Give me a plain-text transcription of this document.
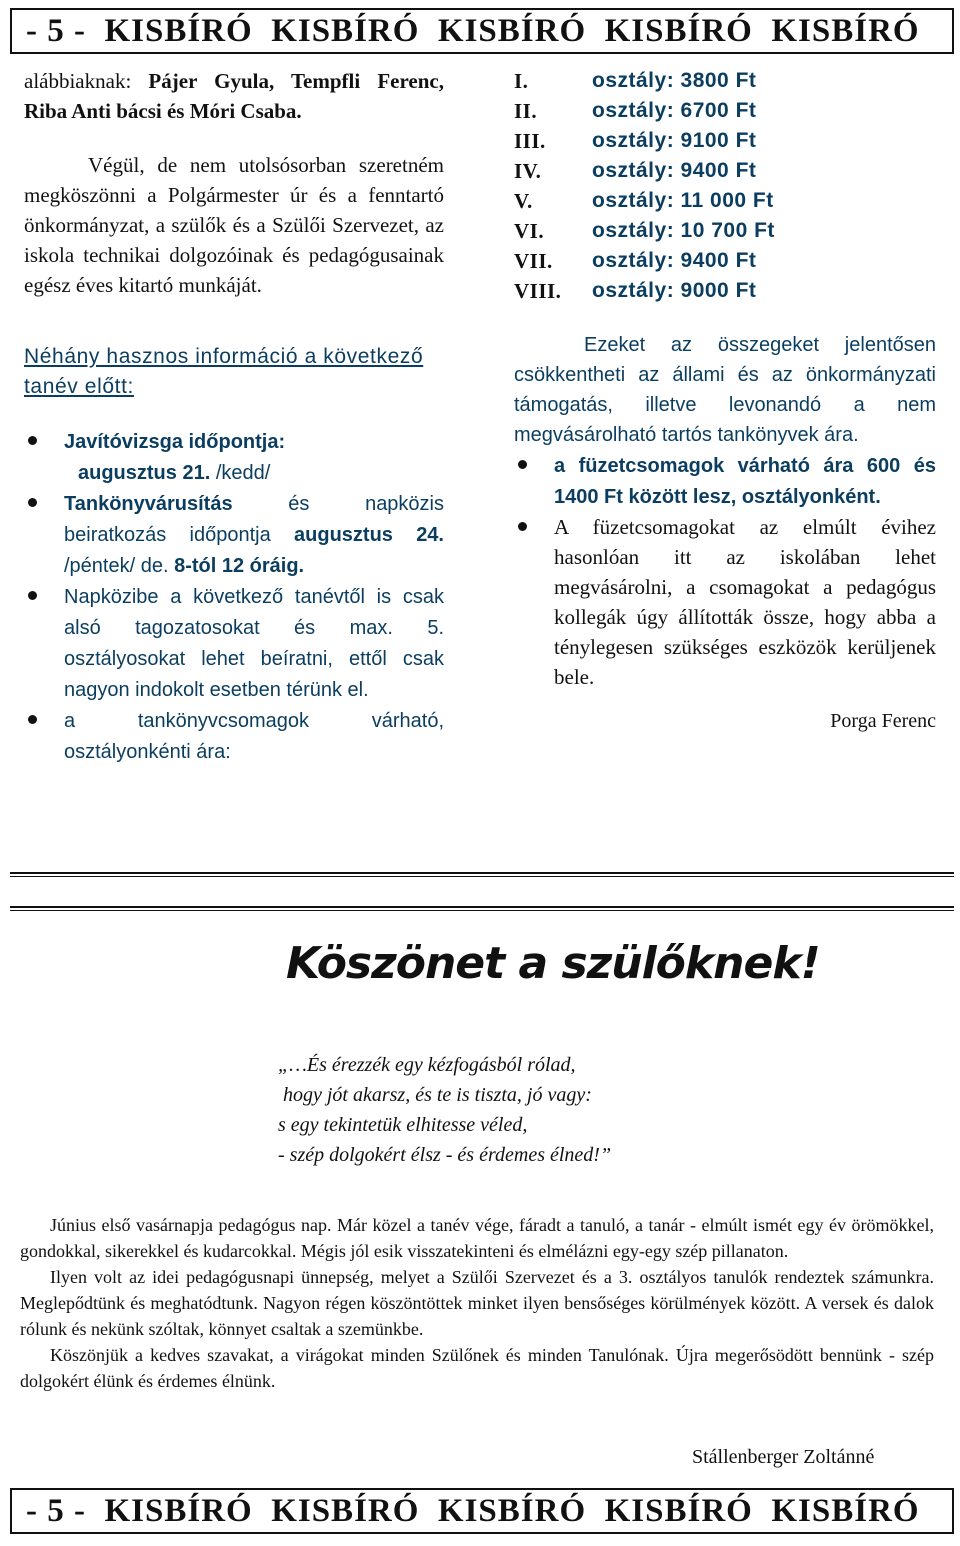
- 5 -  KISBÍRÓ  KISBÍRÓ  KISBÍRÓ  KISBÍRÓ  KISBÍRÓ

alábbiaknak: Pájer Gyula, Tempfli Ferenc, Riba Anti bácsi és Móri Csaba.

Végül, de nem utolsósorban szeretném megköszönni a Polgármester úr és a fenntartó önkormányzat, a szülők és a Szülői Szervezet, az iskola technikai dolgozóinak és pedagógusainak egész éves kitartó munkáját.

Néhány hasznos információ a következő tanév előtt:

Javítóvizsga időpontja:
augusztus 21. /kedd/
Tankönyvárusítás és napközis beiratkozás időpontja augusztus 24. /péntek/ de. 8-tól 12 óráig.
Napközibe a következő tanévtől is csak alsó tagozatosokat és max. 5. osztályosokat lehet beíratni, ettől csak nagyon indokolt esetben térünk el.
a tankönyvcsomagok várható, osztályonkénti ára:
I.	osztály: 3800 Ft
II.	osztály: 6700 Ft
III.	osztály: 9100 Ft
IV.	osztály: 9400 Ft
V.	osztály: 11 000 Ft
VI.	osztály: 10 700 Ft
VII.	osztály: 9400 Ft
VIII.	osztály: 9000 Ft

Ezeket az összegeket jelentősen csökkentheti az állami és az önkormányzati támogatás, illetve levonandó a nem megvásárolható tartós tankönyvek ára.

a füzetcsomagok várható ára 600 és 1400 Ft között lesz, osztályonként.
A füzetcsomagokat az elmúlt évihez hasonlóan itt az iskolában lehet megvásárolni, a csomagokat a pedagógus kollegák úgy állították össze, hogy abba a ténylegesen szükséges eszközök kerüljenek bele.

Porga Ferenc

Köszönet a szülőknek!
„…És érezzék egy kézfogásból rólad,
hogy jót akarsz, és te is tiszta, jó vagy:
s egy tekintetük elhitesse véled,
- szép dolgokért élsz - és érdemes élned!”

Június első vasárnapja pedagógus nap. Már közel a tanév vége, fáradt a tanuló, a tanár - elmúlt ismét egy év örömökkel, gondokkal, sikerekkel és kudarcokkal. Mégis jól esik visszatekinteni és elmélázni egy-egy szép pillanaton.

Ilyen volt az idei pedagógusnapi ünnepség, melyet a Szülői Szervezet és a 3. osztályos tanulók rendeztek számunkra. Meglepődtünk és meghatódtunk. Nagyon régen köszöntöttek minket ilyen bensőséges körülmények között. A versek és dalok rólunk és nekünk szóltak, könnyet csaltak a szemünkbe.

Köszönjük a kedves szavakat, a virágokat minden Szülőnek és minden Tanulónak. Újra megerősödött bennünk - szép dolgokért élünk és érdemes élnünk.

Stállenberger Zoltánné
- 5 -  KISBÍRÓ  KISBÍRÓ  KISBÍRÓ  KISBÍRÓ  KISBÍRÓ
